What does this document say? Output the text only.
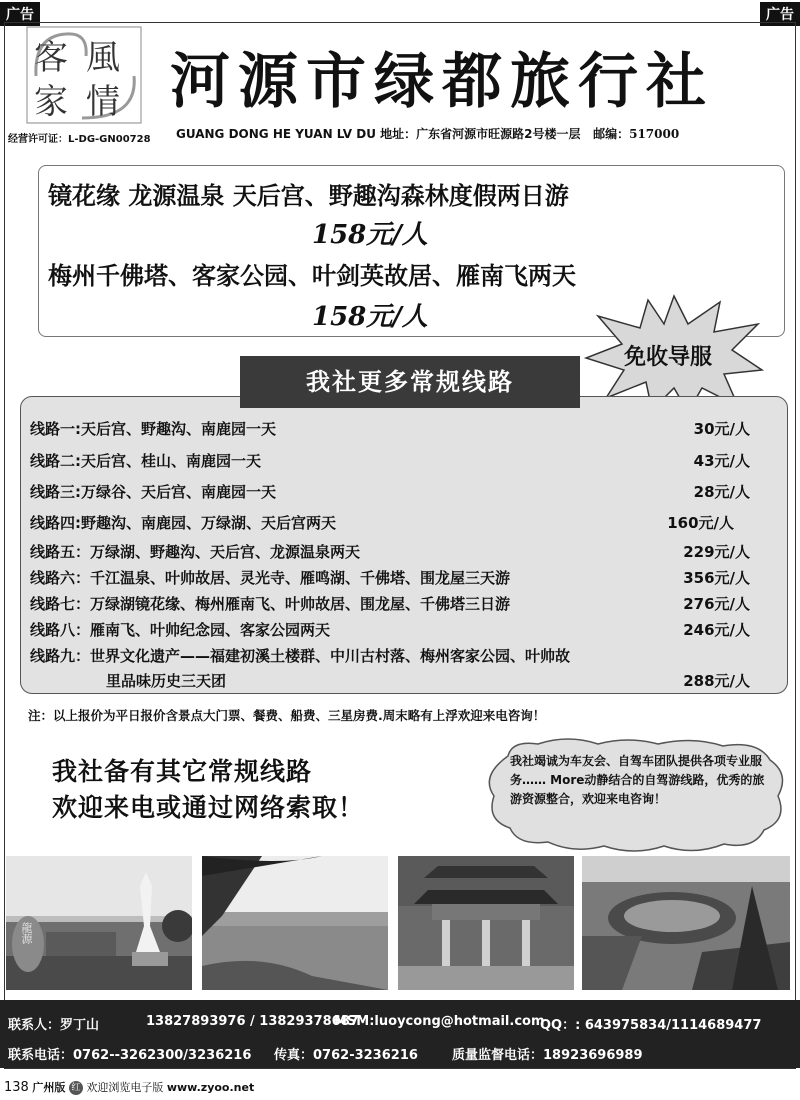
广告	广告
客
家
風
情 河源市绿都旅行社
经营许可证：L-DG-GN00728 GUANG DONG HE YUAN LV DU 地址：广东省河源市旺源路2号楼一层 邮编：517000
镜花缘 龙源温泉 天后宫、野趣沟森林度假两日游
158元/人
梅州千佛塔、客家公园、叶剑英故居、雁南飞两天
158元/人
免收导服
我社更多常规线路
线路一:天后宫、野趣沟、南鹿园一天	30元/人
线路二:天后宫、桂山、南鹿园一天	43元/人
线路三:万绿谷、天后宫、南鹿园一天	28元/人
线路四:野趣沟、南鹿园、万绿湖、天后宫两天	160元/人
线路五：万绿湖、野趣沟、天后宫、龙源温泉两天	229元/人
线路六：千江温泉、叶帅故居、灵光寺、雁鸣湖、千佛塔、围龙屋三天游	356元/人
线路七：万绿湖镜花缘、梅州雁南飞、叶帅故居、围龙屋、千佛塔三日游	276元/人
线路八：雁南飞、叶帅纪念园、客家公园两天	246元/人
线路九：世界文化遗产——福建初溪土楼群、中川古村落、梅州客家公园、叶帅故
里品味历史三天团	288元/人
注：以上报价为平日报价含景点大门票、餐费、船费、三星房费.周末略有上浮欢迎来电咨询！
我社备有其它常规线路
欢迎来电或通过网络索取！
我社竭诚为车友会、自驾车团队提供各项专业服务…… More动静结合的自驾游线路，优秀的旅游资源整合，欢迎来电咨询！
龍源
联系人：罗丁山	13827893976 / 13829378687
MSM:luoycong@hotmail.com
QQ：: 643975834/1114689477
联系电话：0762--3262300/3236216 传真：0762-3236216	质量监督电话：18923696989
138 广州版 红 欢迎浏览电子版 www.zyoo.net
